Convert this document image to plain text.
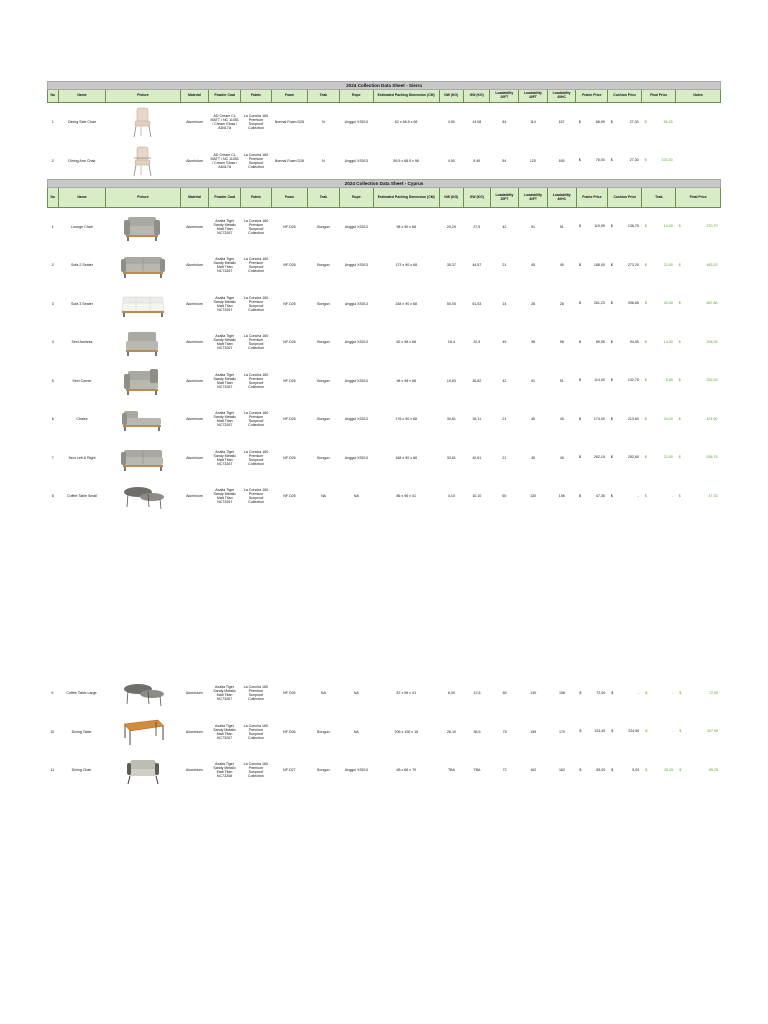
2024 Collection Data Sheet - Sierra																		
No	Name	Picture	Material	Powder Coat	Fabric	Foam	Teak	Rope	Estimated Packing Dimension (CM)	NW (KG)	GW (KG)	Loadability 20FT	Loadability 40FT	Loadability 40HC	Frame Price	Cushion Price	Final Price	Notes
1	Dining Side Chair		Aluminium	AD Cream CL MATT / NC 11051 / Cream Gloss / A8417A	La Concha 160 Premium Sunproof Collection	Normal Foam D26	N	Unggul XS013	62 x 68.5 x 98	4.90	14.08	54	114	157	$ 68,95	$ 27,30	$ 96,25	

2	Dining Arm Chair		Aluminium	AD Cream CL MATT / NC 11051 / Cream Gloss / A8417A	La Concha 160 Premium Sunproof Collection	Normal Foam D26	N	Unggul XS013	59.5 x 68.5 x 98	4.90	9.49	54	120	165	$ 76,00	$ 27,30	$ 103,30	

2024 Collection Data Sheet - Cyprus																		
No	Name	Picture	Material	Powder Coat	Fabric	Foam	Teak	Rope	Estimated Packing Dimension (CM)	NW (KG)	GW (KG)	Loadability 20FT	Loadability 40FT	Loadability 40HC	Frame Price	Cushion Price	Teak	Final Price
1	Lounge Chair		Aluminium	Axalta Tiger Sandy Metalic Matt Titan NC73267	La Concha 160 Premium Sunproof Collection	NF D26	Bongun	Unggul XS013	98 x 90 x 68	20,29	27,5	42	91	91	$ 119,95	$ 136,75	$ 14,00	$ 270,70

2	Sofa 2 Seater		Aluminium	Axalta Tiger Sandy Metalic Matt Titan NC73267	La Concha 160 Premium Sunproof Collection	NF D26	Bongun	Unggul XS013	173 x 90 x 68	35,37	44,57	21	45	45	$ 188,00	$ 273,20	$ 22,00	$ 483,20

3	Sofa 3 Seater		Aluminium	Axalta Tiger Sandy Metalic Matt Titan NC73267	La Concha 160 Premium Sunproof Collection	NF D26	Bongun	Unggul XS013	248 x 90 x 68	50,05	61,53	14	28	28	$ 261,23	$ 396,65	$ 30,00	$ 687,88

4	Sect Armless		Aluminium	Axalta Tiger Sandy Metalic Matt Titan NC73267	La Concha 160 Premium Sunproof Collection	NF D26	Bongun	Unggul XS013	82 x 98 x 68	16,4	22,9	49	98	98	$ 89,55	$ 94,50	$ 14,00	$ 208,05

5	Sect Corner		Aluminium	Axalta Tiger Sandy Metalic Matt Titan NC73267	La Concha 160 Premium Sunproof Collection	NF D26	Bongun	Unggul XS013	98 x 98 x 68	19,83	26,82	42	91	91	$ 114,00	$ 132,75	$ 5,89	$ 252,53

6	Chaise		Aluminium	Axalta Tiger Sandy Metalic Matt Titan NC73267	La Concha 160 Premium Sunproof Collection	NF D26	Bongun	Unggul XS013	176 x 90 x 68	30,61	39,11	21	45	45	$ 174,00	$ 213,60	$ 34,00	$ 421,60

7	Sect Left & Right		Aluminium	Axalta Tiger Sandy Metalic Matt Titan NC73267	La Concha 160 Premium Sunproof Collection	NF D26	Bongun	Unggul XS013	168 x 90 x 68	33,61	42,61	21	45	45	$ 262,15	$ 252,60	$ 22,00	$ 536,75

8	Coffee Table Small		Aluminium	Axalta Tiger Sandy Metalic Matt Titan NC73267	La Concha 160 Premium Sunproof Collection	NF D26	NA	NA	86 x 96 x 41	4,10	10,10	60	130	156	$ 47,35	$ -	$ -	$ 47,35
9	Coffee Table Large		Aluminium	Axalta Tiger Sandy Metalic Matt Titan NC73267	La Concha 160 Premium Sunproof Collection	NF D26	NA	NA	87 x 96 x 41	6,00	12,6	60	130	156	$ 72,00	$ -	$ -	$ 72,00

10	Dining Table		Aluminium	Axalta Tiger Sandy Metalic Matt Titan NC73267	La Concha 160 Premium Sunproof Collection	NF D26	Bongun	NA	206 x 106 x 18	26,10	36,5	75	159	170	$ 123,45	$ 224,50	$ -	$ 307,95

11	Dining Chair		Aluminium	Axalta Tiger Sandy Metalic Matt Titan NC73268	La Concha 160 Premium Sunproof Collection	NF D27	Bongun	Unggul XS013	66 x 66 x 79	TBA	TBA	72	162	162	$ 55,00	$ 5,00	$ 25,25	$ 85,25
